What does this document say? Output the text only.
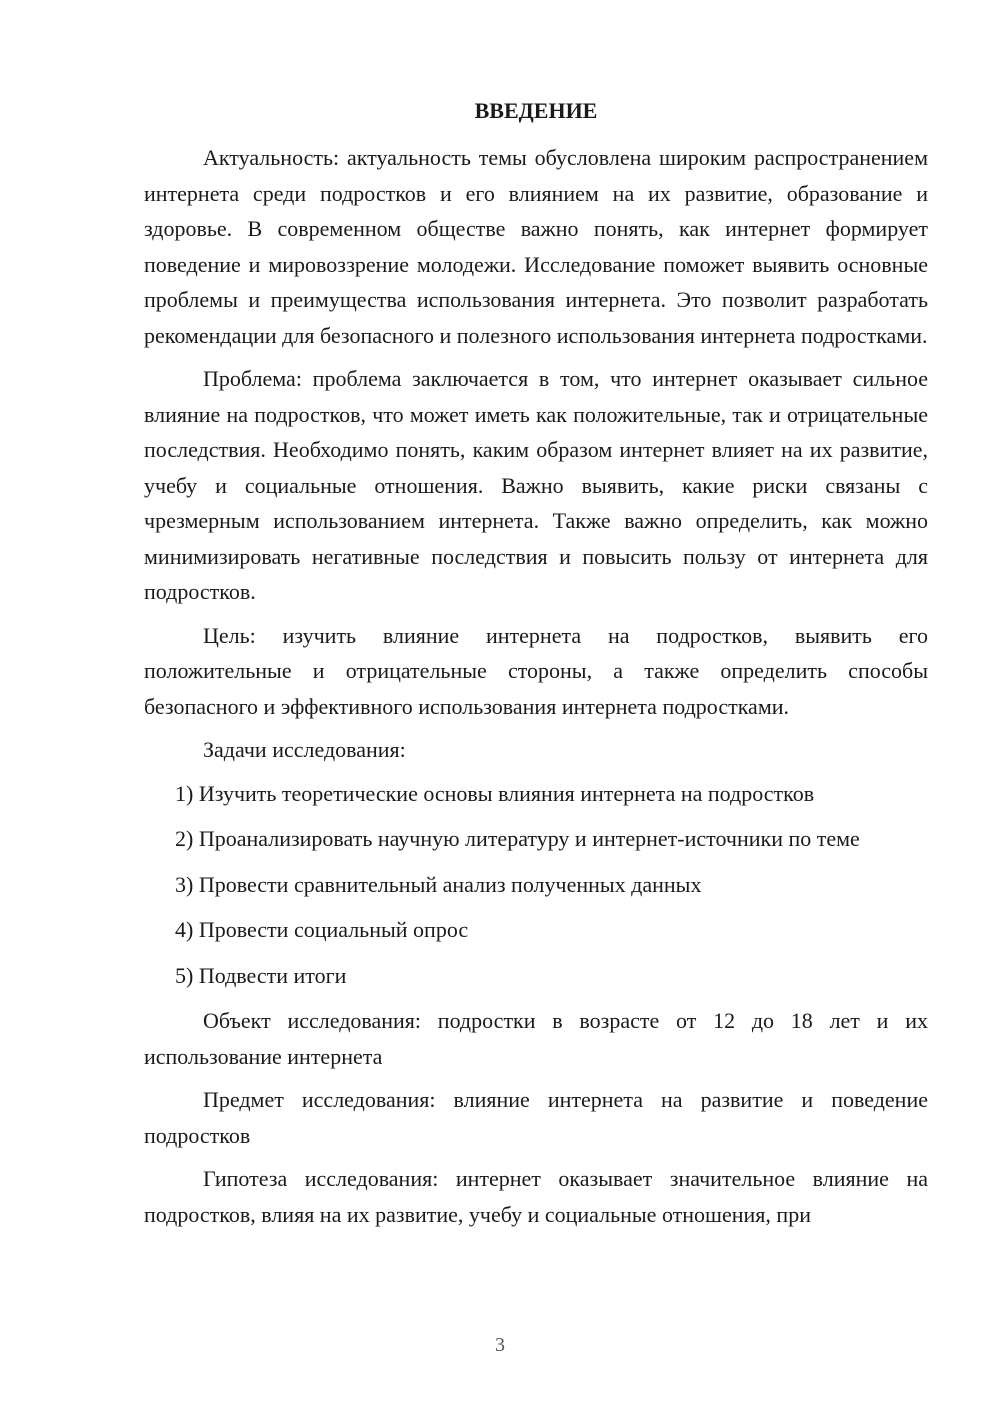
ВВЕДЕНИЕ

Актуальность: актуальность темы обусловлена широким распространением интернета среди подростков и его влиянием на их развитие, образование и здоровье. В современном обществе важно понять, как интернет формирует поведение и мировоззрение молодежи. Исследование поможет выявить основные проблемы и преимущества использования интернета. Это позволит разработать рекомендации для безопасного и полезного использования интернета подростками.

Проблема: проблема заключается в том, что интернет оказывает сильное влияние на подростков, что может иметь как положительные, так и отрицательные последствия. Необходимо понять, каким образом интернет влияет на их развитие, учебу и социальные отношения. Важно выявить, какие риски связаны с чрезмерным использованием интернета. Также важно определить, как можно минимизировать негативные последствия и повысить пользу от интернета для подростков.

Цель: изучить влияние интернета на подростков, выявить его положительные и отрицательные стороны, а также определить способы безопасного и эффективного использования интернета подростками.

Задачи исследования:

1) Изучить теоретические основы влияния интернета на подростков

2) Проанализировать научную литературу и интернет-источники по теме

3) Провести сравнительный анализ полученных данных

4) Провести социальный опрос

5) Подвести итоги

Объект исследования: подростки в возрасте от 12 до 18 лет и их использование интернета

Предмет исследования: влияние интернета на развитие и поведение подростков

Гипотеза исследования: интернет оказывает значительное влияние на подростков, влияя на их развитие, учебу и социальные отношения, при

3
